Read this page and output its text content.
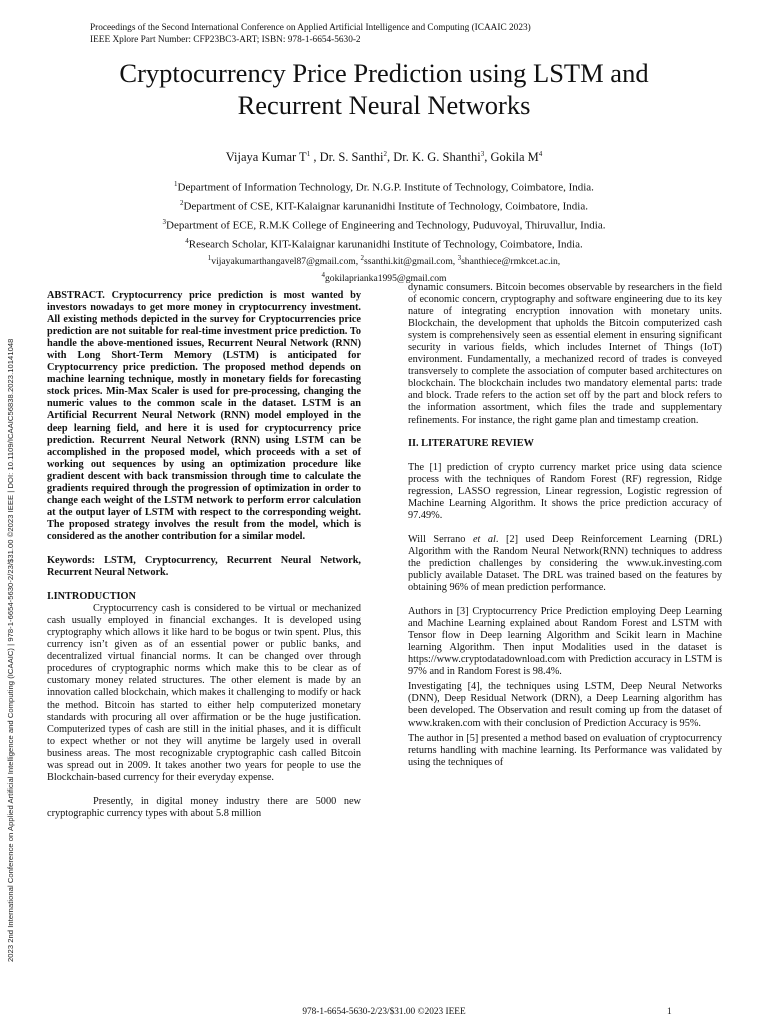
2023 2nd International Conference on Applied Artificial Intelligence and Computing (ICAAIC) | 978-1-6654-5630-2/23/$31.00 ©2023 IEEE | DOI: 10.1109/ICAAIC56838.2023.10141048
Proceedings of the Second International Conference on Applied Artificial Intelligence and Computing (ICAAIC 2023)
IEEE Xplore Part Number: CFP23BC3-ART; ISBN: 978-1-6654-5630-2
Cryptocurrency Price Prediction using LSTM and
Recurrent Neural Networks
Vijaya Kumar $T^1$ , Dr. S. Santhi$^2$, Dr. K. G. Shanthi$^3$, Gokila $M^4$
$^1$Department of Information Technology, Dr. N.G.P. Institute of Technology, Coimbatore, India.
$^2$Department of CSE, KIT-Kalaignar karunanidhi Institute of Technology, Coimbatore, India.
$^3$Department of ECE, R.M.K College of Engineering and Technology, Puduvoyal, Thiruvallur, India.
$^4$Research Scholar, KIT-Kalaignar karunanidhi Institute of Technology, Coimbatore, India.
$^1$vijayakumarthangavel87@gmail.com, $^2$ssanthi.kit@gmail.com, $^3$shanthiece@rmkcet.ac.in,
$^4$gokilaprianka1995@gmail.com

ABSTRACT. Cryptocurrency price prediction is most wanted by investors nowadays to get more money in cryptocurrency investment. All existing methods depicted in the survey for Cryptocurrencies price prediction are not suitable for real-time investment price prediction. To handle the above-mentioned issues, Recurrent Neural Network (RNN) with Long Short-Term Memory (LSTM) is anticipated for Cryptocurrency price prediction. The proposed method depends on machine learning technique, mostly in monetary fields for forecasting stock prices. Min-Max Scaler is used for pre-processing, changing the numeric values to the common scale in the dataset. LSTM is an Artificial Recurrent Neural Network (RNN) model employed in the deep learning field, and here it is used for cryptocurrency price prediction. Recurrent Neural Network (RNN) using LSTM can be accomplished in the proposed model, which proceeds with a set of working out sequences by using an optimization procedure like gradient descent with back transmission through time to calculate the gradients required through the progression of optimization in order to change each weight of the LSTM network to perform error calculation at the output layer of LSTM with respect to the corresponding weight. The proposed strategy involves the result from the model, which is considered as the another contribution for a similar model.

Keywords: LSTM, Cryptocurrency, Recurrent Neural Network, Recurrent Neural Network.

I.INTRODUCTION

Cryptocurrency cash is considered to be virtual or mechanized cash usually employed in financial exchanges. It is developed using cryptography which allows it like hard to be bogus or twin spent. Plus, this currency isn’t given as of an essential power or public banks, and decentralized virtual financial norms. It can be changed over through procedures of cryptographic norms which make this to be clear as of customary money related structures. The other element is made by an innovation called blockchain, which makes it challenging to modify or hack the method. Bitcoin has started to either help computerized monetary standards with procuring all over affirmation or be the huge justification. Computerized types of cash are still in the initial phases, and it is difficult to expect whether or not they will anytime be largely used in overall business areas. The most recognizable cryptographic cash called Bitcoin was spread out in 2009. It takes another two years for people to use the Blockchain-based currency for their everyday expense.

Presently, in digital money industry there are 5000 new cryptographic currency types with about 5.8 million

dynamic consumers. Bitcoin becomes observable by researchers in the field of economic concern, cryptography and software engineering due to its key nature of integrating encryption innovation with monetary units. Blockchain, the development that upholds the Bitcoin computerized cash system is comprehensively seen as essential element in ensuring significant security in various fields, which includes Internet of Things (IoT) environment. Fundamentally, a mechanized record of trades is conveyed transversely to complete the association of computer based architectures on blockchain. The blockchain includes two mandatory elemental parts: trade and block. Trade refers to the action set off by the part and block refers to the information assortment, which files the trade and supplementary refinements. For instance, the right game plan and timestamp creation.

II. LITERATURE REVIEW

The [1] prediction of crypto currency market price using data science process with the techniques of Random Forest (RF) regression, Ridge regression, LASSO regression, Linear regression, Logistic regression of Machine Learning Algorithm. It shows the price prediction accuracy of 97.49%.

Will Serrano et al. [2] used Deep Reinforcement Learning (DRL) Algorithm with the Random Neural Network(RNN) techniques to address the prediction challenges by considering the www.uk.investing.com publicly available Dataset. The DRL was trained based on the features by obtaining 96% of mean prediction performance.

Authors in [3] Cryptocurrency Price Prediction employing Deep Learning and Machine Learning explained about Random Forest and LSTM with Tensor flow in Deep learning Algorithm and Scikit learn in Machine learning Algorithm. Then input Modalities used in the dataset is https://www.cryptodatadownload.com with Prediction accuracy in LSTM is 97% and in Random Forest is 98.4%.

Investigating [4], the techniques using LSTM, Deep Neural Networks (DNN), Deep Residual Network (DRN), a Deep Learning algorithm has been developed. The Observation and result coming up from the dataset of www.kraken.com with their conclusion of Prediction Accuracy is 95%.

The author in [5] presented a method based on evaluation of cryptocurrency returns handling with machine learning. Its Performance was validated by using the techniques of

978-1-6654-5630-2/23/$31.00 ©2023 IEEE	1
